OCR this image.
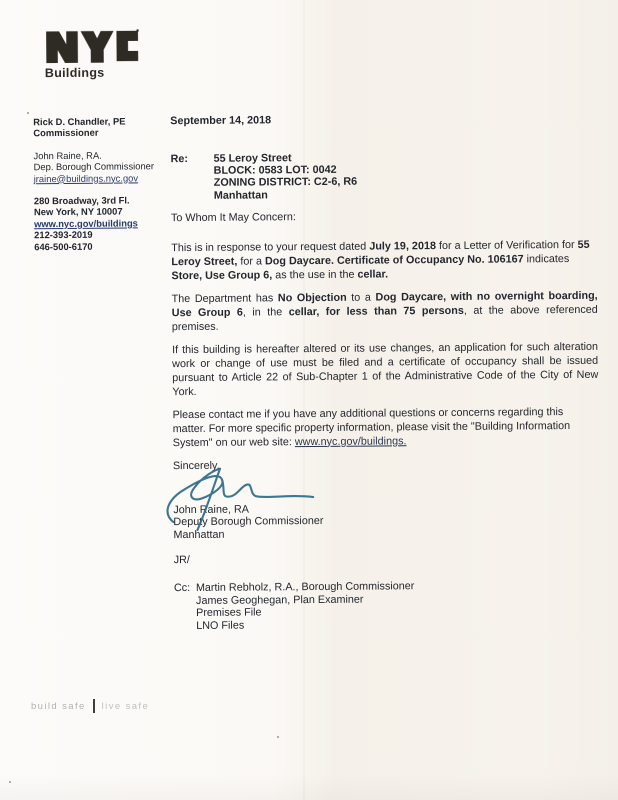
Buildings
Rick D. Chandler, PE
Commissioner
John Raine, RA.
Dep. Borough Commissioner
jraine@buildings.nyc.gov
280 Broadway, 3rd Fl.
New York, NY 10007
www.nyc.gov/buildings
212-393-2019
646-500-6170
September 14, 2018
Re:	55 Leroy Street
BLOCK: 0583 LOT: 0042
ZONING DISTRICT: C2-6, R6
Manhattan
To Whom It May Concern:

This is in response to your request dated July 19, 2018 for a Letter of Verification for 55 Leroy Street, for a Dog Daycare. Certificate of Occupancy No. 106167 indicates Store, Use Group 6, as the use in the cellar.

The Department has No Objection to a Dog Daycare, with no overnight boarding, Use Group 6, in the cellar, for less than 75 persons, at the above referenced premises.

If this building is hereafter altered or its use changes, an application for such alteration work or change of use must be filed and a certificate of occupancy shall be issued pursuant to Article 22 of Sub-Chapter 1 of the Administrative Code of the City of New York.

Please contact me if you have any additional questions or concerns regarding this matter. For more specific property information, please visit the "Building Information System" on our web site: www.nyc.gov/buildings.

Sincerely,
John Raine, RA
Deputy Borough Commissioner
Manhattan
JR/
Cc: Martin Rebholz, R.A., Borough Commissioner
James Geoghegan, Plan Examiner
Premises File
LNO Files
build safe live safe
